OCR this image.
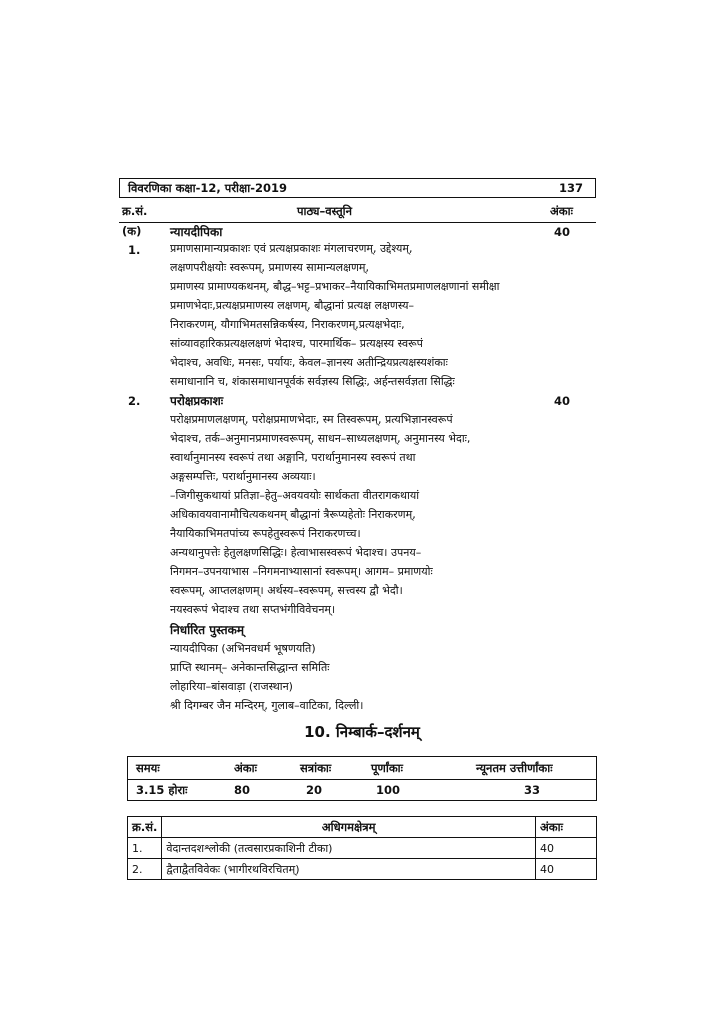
विवरणिका कक्षा-12, परीक्षा-2019	137
क्र.सं.	पाठ्य–वस्तूनि	अंकाः
(क) न्यायदीपिका	40
1.	प्रमाणसामान्यप्रकाशः एवं प्रत्यक्षप्रकाशः मंगलाचरणम्, उद्देश्यम्,
लक्षणपरीक्षयोः स्वरूपम्, प्रमाणस्य सामान्यलक्षणम्,
प्रमाणस्य प्रामाण्यकथनम्, बौद्ध–भट्ट–प्रभाकर–नैयायिकाभिमतप्रमाणलक्षणानां समीक्षा
प्रमाणभेदाः,प्रत्यक्षप्रमाणस्य लक्षणम्, बौद्धानां प्रत्यक्ष लक्षणस्य–
निराकरणम्, यौगाभिमतसन्निकर्षस्य, निराकरणम्,प्रत्यक्षभेदाः,
सांव्यावहारिकप्रत्यक्षलक्षणं भेदाश्च, पारमार्थिक– प्रत्यक्षस्य स्वरूपं
भेदाश्च, अवधिः, मनसः, पर्यायः, केवल–ज्ञानस्य अतीन्द्रियप्रत्यक्षस्यशंकाः
समाधानानि च, शंकासमाधानपूर्वकं सर्वज्ञस्य सिद्धिः, अर्हन्तसर्वज्ञता सिद्धिः
2. परोक्षप्रकाशः	40
परोक्षप्रमाणलक्षणम्, परोक्षप्रमाणभेदाः, स्म तिस्वरूपम्, प्रत्यभिज्ञानस्वरूपं
भेदाश्च, तर्क–अनुमानप्रमाणस्वरूपम्, साधन–साध्यलक्षणम्, अनुमानस्य भेदाः,
स्वार्थानुमानस्य स्वरूपं तथा अङ्गानि, परार्थानुमानस्य स्वरूपं तथा
अङ्गसम्पत्तिः, परार्थानुमानस्य अव्ययाः।
–जिगीसुकथायां प्रतिज्ञा–हेतु–अवयवयोः सार्थकता वीतरागकथायां
अधिकावयवानामौचित्यकथनम् बौद्धानां त्रैरूप्यहेतोः निराकरणम्,
नैयायिकाभिमतपांच्य रूपहेतुस्वरूपं निराकरणच्च।
अन्यथानुपत्तेः हेतुलक्षणसिद्धिः। हेत्वाभासस्वरूपं भेदाश्च। उपनय–
निगमन–उपनयाभास –निगमनाभ्यासानां स्वरूपम्। आगम– प्रमाणयोः
स्वरूपम्, आप्तलक्षणम्। अर्थस्य–स्वरूपम्, सत्त्वस्य द्वौ भेदौ।
नयस्वरूपं भेदाश्च तथा सप्तभंगीविवेचनम्।
निर्धारित पुस्तकम्
न्यायदीपिका (अभिनवधर्म भूषणयति)
प्राप्ति स्थानम्– अनेकान्तसिद्धान्त समितिः
लोहारिया–बांसवाड़ा (राजस्थान)
श्री दिगम्बर जैन मन्दिरम्, गुलाब–वाटिका, दिल्ली।
10. निम्बार्क–दर्शनम्
समयः	अंकाः	सत्रांकाः	पूर्णांकाः	न्यूनतम उत्तीर्णांकाः
3.15 होराः	80	20	100	33
क्र.सं.	अधिगमक्षेत्रम्	अंकाः
1.	वेदान्तदशश्लोकी (तत्वसारप्रकाशिनी टीका)	40
2.	द्वैताद्वैतविवेकः (भागीरथविरचितम्)	40
